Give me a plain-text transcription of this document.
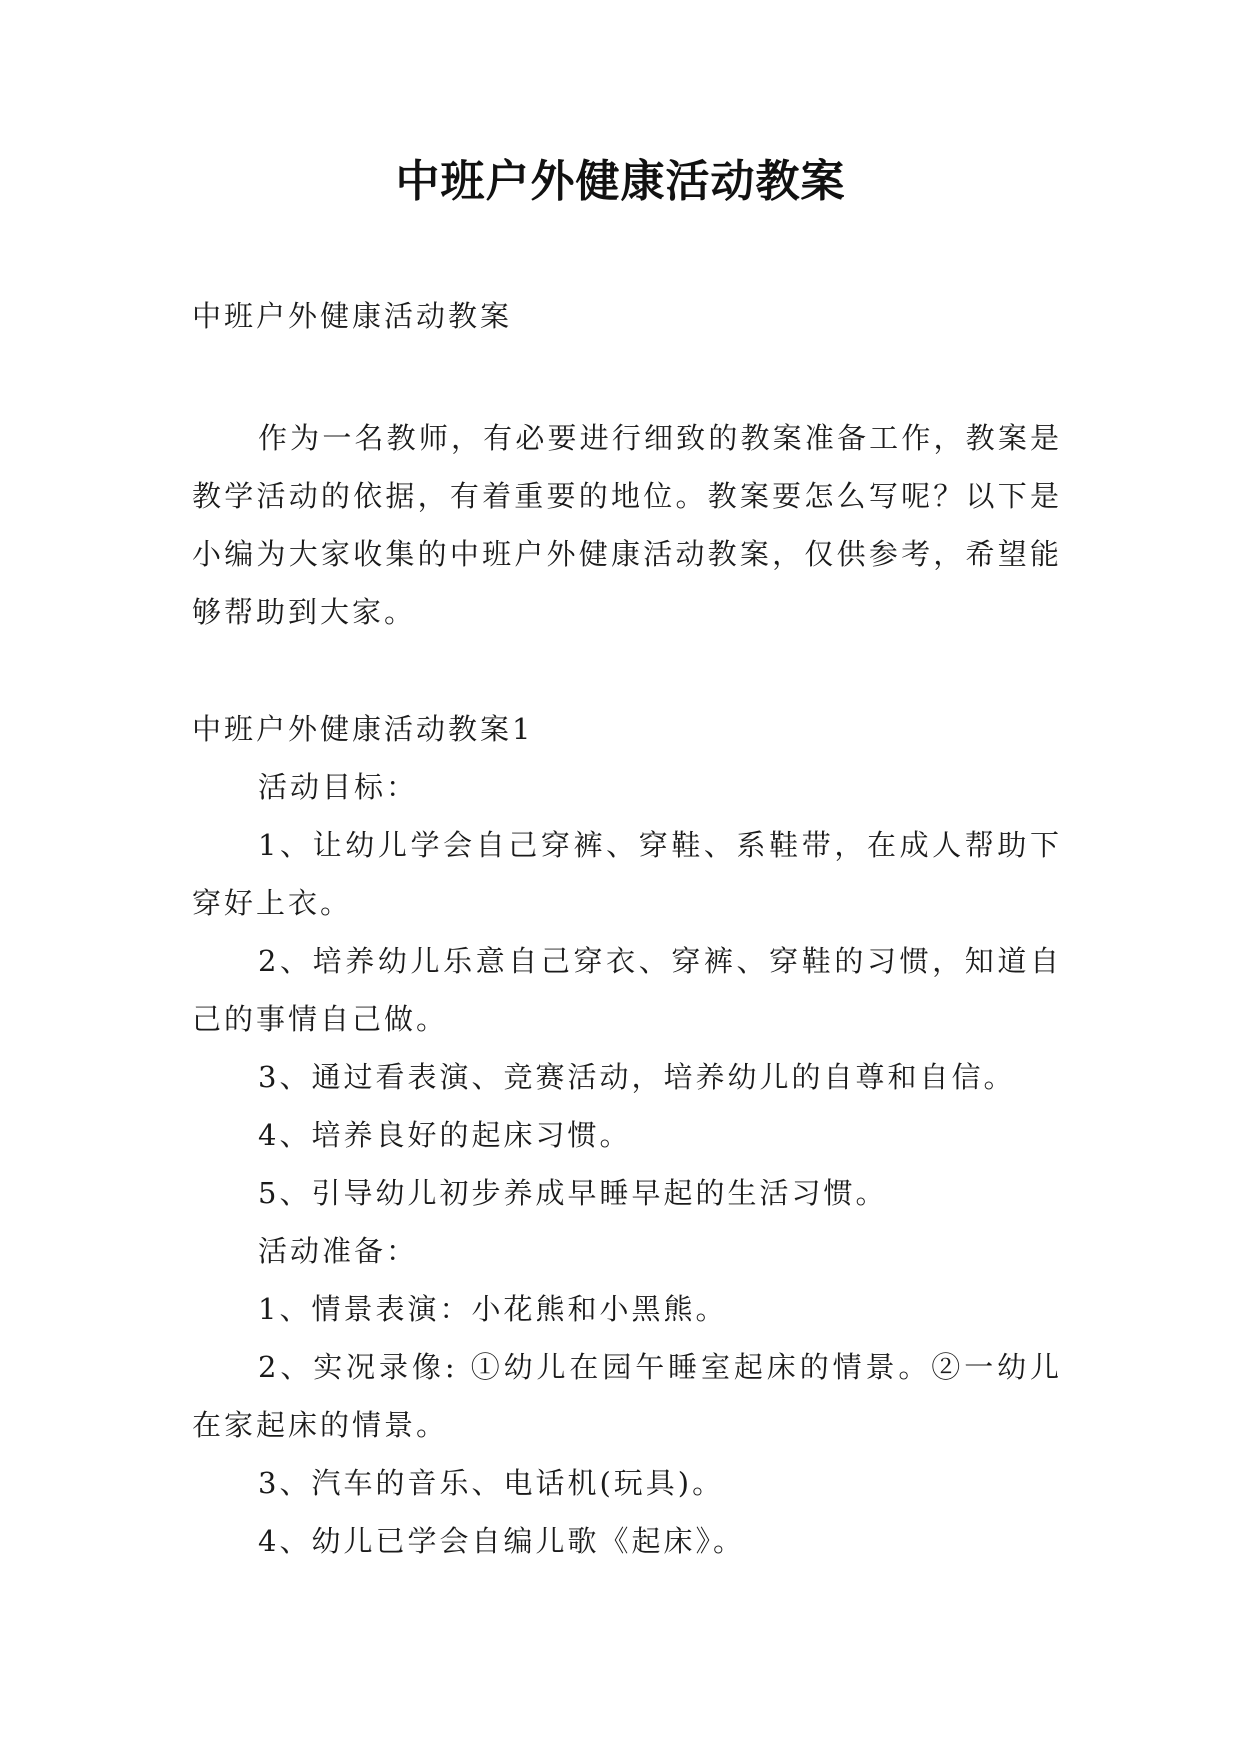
中班户外健康活动教案
中班户外健康活动教案
作为一名教师，有必要进行细致的教案准备工作，教案是教学活动的依据，有着重要的地位。教案要怎么写呢？以下是小编为大家收集的中班户外健康活动教案，仅供参考，希望能够帮助到大家。

中班户外健康活动教案1

活动目标：

1、让幼儿学会自己穿裤、穿鞋、系鞋带，在成人帮助下穿好上衣。

2、培养幼儿乐意自己穿衣、穿裤、穿鞋的习惯，知道自己的事情自己做。

3、通过看表演、竞赛活动，培养幼儿的自尊和自信。

4、培养良好的起床习惯。

5、引导幼儿初步养成早睡早起的生活习惯。

活动准备：

1、情景表演：小花熊和小黑熊。

2、实况录像: ①幼儿在园午睡室起床的情景。②一幼儿在家起床的情景。

3、汽车的音乐、电话机(玩具)。

4、幼儿已学会自编儿歌《起床》。
